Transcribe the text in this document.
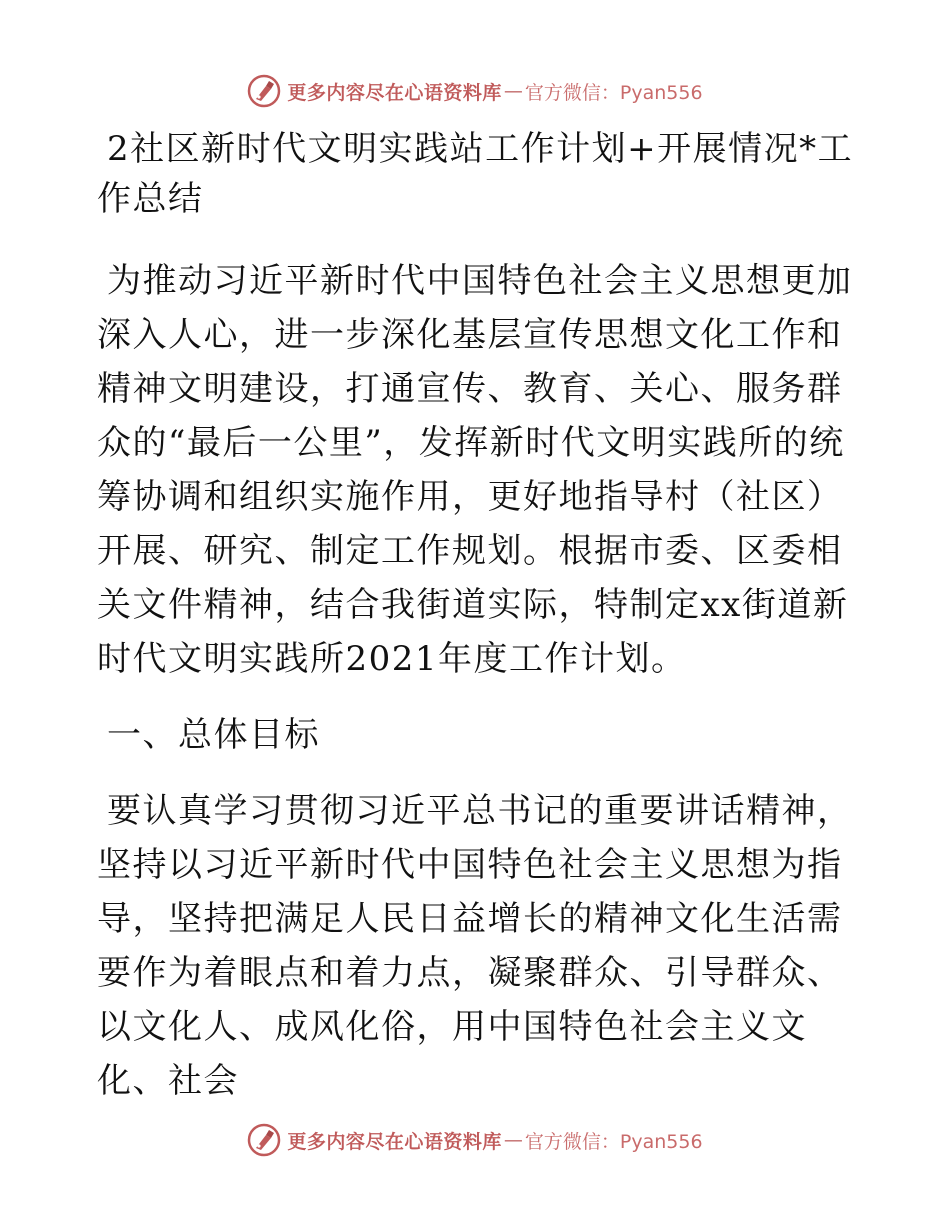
更多内容尽在心语资料库 — 官方微信：Pyan556
2社区新时代文明实践站工作计划+开展情况*工作总结

为推动习近平新时代中国特色社会主义思想更加深入人心，进一步深化基层宣传思想文化工作和精神文明建设，打通宣传、教育、关心、服务群众的“最后一公里”，发挥新时代文明实践所的统筹协调和组织实施作用，更好地指导村（社区）开展、研究、制定工作规划。根据市委、区委相关文件精神，结合我街道实际，特制定xx街道新时代文明实践所2021年度工作计划。

一、总体目标

要认真学习贯彻习近平总书记的重要讲话精神，坚持以习近平新时代中国特色社会主义思想为指导，坚持把满足人民日益增长的精神文化生活需要作为着眼点和着力点，凝聚群众、引导群众、以文化人、成风化俗，用中国特色社会主义文化、社会

更多内容尽在心语资料库 — 官方微信：Pyan556
